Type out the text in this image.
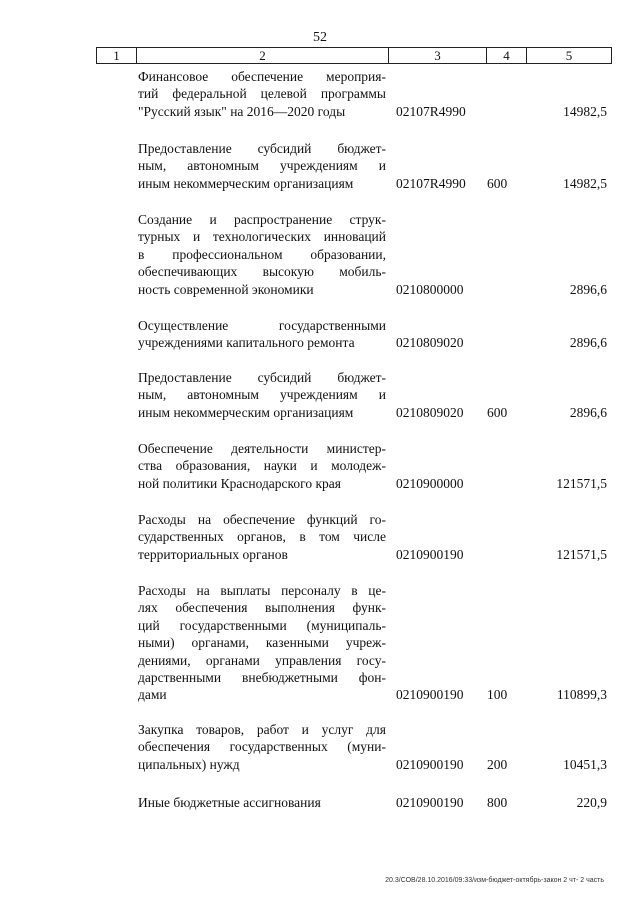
52
1	2	3	4	5
Финансовое обеспечение мероприя-
тий федеральной целевой программы
"Русский язык" на 2016—2020 годы	02107R4990	14982,5
Предоставление субсидий бюджет-
ным, автономным учреждениям и
иным некоммерческим организациям	02107R4990 600	14982,5
Создание и распространение струк-
турных и технологических инноваций
в профессиональном образовании,
обеспечивающих высокую мобиль-
ность современной экономики	0210800000	2896,6
Осуществление государственными
учреждениями капитального ремонта	0210809020	2896,6
Предоставление субсидий бюджет-
ным, автономным учреждениям и
иным некоммерческим организациям	0210809020 600	2896,6
Обеспечение деятельности министер-
ства образования, науки и молодеж-
ной политики Краснодарского края	0210900000	121571,5
Расходы на обеспечение функций го-
сударственных органов, в том числе
территориальных органов	0210900190	121571,5
Расходы на выплаты персоналу в це-
лях обеспечения выполнения функ-
ций государственными (муниципаль-
ными) органами, казенными учреж-
дениями, органами управления госу-
дарственными внебюджетными фон-
дами	0210900190 100	110899,3
Закупка товаров, работ и услуг для
обеспечения государственных (муни-
ципальных) нужд	0210900190 200	10451,3
Иные бюджетные ассигнования	0210900190 800	220,9
20.3/СОВ/28.10.2016/09:33/изм-бюджет-октябрь-закон 2 чт- 2 часть
